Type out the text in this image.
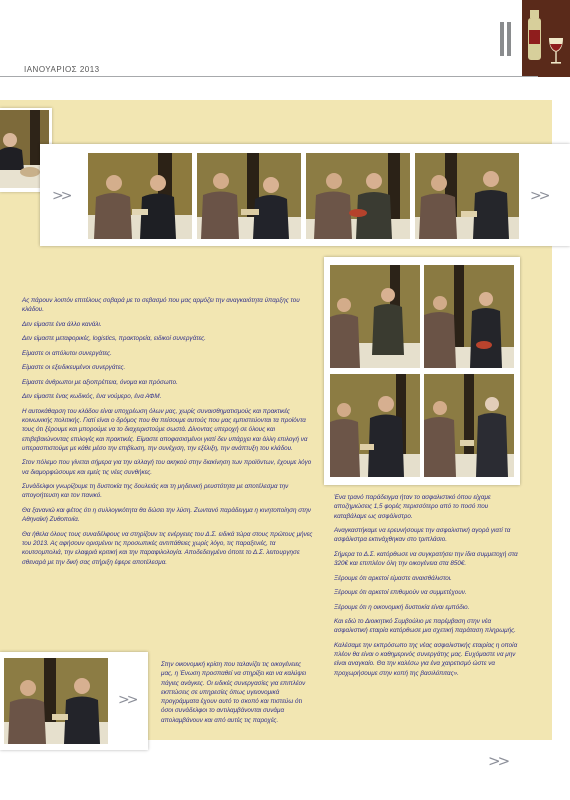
ΙΑΝΟΥΑΡΙΟΣ 2013
>>	>>
>>

Ας πάρουν λοιπόν επιτέλους σοβαρά με το σεβασμό που μας αρμόζει την αναγκαιότητα ύπαρξης του κλάδου.

Δεν είμαστε ένα άλλο κανάλι.

Δεν είμαστε μεταφορικές, logistics, πρακτορεία, ειδικοί συνεργάτες.

Είμαστε οι απόλυτοι συνεργάτες.

Είμαστε οι εξειδικευμένοι συνεργάτες.

Είμαστε άνθρωποι με αξιοπρέπεια, όνομα και πρόσωπο.

Δεν είμαστε ένας κωδικός, ένα νούμερο, ένα ΑΦΜ.

Η αυτοκάθαρση του κλάδου είναι υποχρέωση όλων μας, χωρίς συναισθηματισμούς και πρακτικές κοινωνικής πολιτικής. Γιατί είναι ο δρόμος που θα πείσουμε αυτούς που μας εμπιστεύονται τα προϊόντα τους ότι ξέρουμε και μπορούμε να το διαχειριστούμε σωστά. Δίνοντας υπεροχή σε όλους και επιβεβαιώνοντας επιλογές και πρακτικές. Είμαστε αποφασισμένοι γιατί δεν υπάρχει και άλλη επιλογή να υπερασπιστούμε με κάθε μέσο την επιβίωση, την συνέχιση, την εξέλιξη, την ανάπτυξη του κλάδου.

Στον πόλεμο που γίνεται σήμερα για την αλλαγή του ακηκού στην διακίνηση των προϊόντων, έχουμε λόγο να διαμορφώσουμε και εμείς τις νέες συνθήκες.

Συνάδελφοι γνωρίζουμε τη δυστοκία της δουλειάς και τη μηδενική ρευστότητα με αποτέλεσμα την απογοήτευση και τον πανικό.

Θα ξανανιώ και φέτος ότι η συλλογικότητα θα δώσει την λύση. Ζωντανό παράδειγμα η κινητοποίηση στην Αθηναϊκή Ζυθοποιία.

Θα ήθελα όλους τους συναδέλφους να στηρίζουν τις ενέργειες του Δ.Σ. ειδικά τώρα στους πρώτους μήνες του 2013. Ας αφήσουν ορισμένοι τις προσωπικές αντιπάθειες χωρίς λόγο, τις παραξενιές, τα κουτσομπολιά, την ελαφριά κριτική και την παραφιλολογία. Αποδεδειγμένο όποτε το Δ.Σ. λειτουργησε σθεναρά με την δική σας στήριξη έφερε αποτέλεσμα.

Στην οικονομική κρίση που ταλανίζει τις οικογένειες μας, η Ένωση προσπαθεί να στηρίξει και να καλύψει πάγιες ανάγκες. Οι ειδικές συνεργασίες για επιπλέον εκπτώσεις σε υπηρεσίες όπως υγειονομικά προγράμματα έχουν αυτό το σκοπό και πιστεύω ότι όσοι συνάδελφοι το αντιλαμβάνονται συνάμα απολαμβάνουν και από αυτές τις παροχές.

Ένα τρανό παράδειγμα ήταν το ασφαλιστικό όπου είχαμε αποζημιώσεις 1,5 φορές περισσότερο από το ποσό που καταβάλαμε ως ασφάλιστρο.

Αναγκαστήκαμε να ερευνήσουμε την ασφαλιστική αγορά γιατί τα ασφάλιστρα εκτινάχθηκαν στο τριπλάσιο.

Σήμερα το Δ.Σ. κατόρθωσε να συγκρατήσει την ίδια συμμετοχή στα 320€ και επιπλέον όλη την οικογένεια στα 850€.

Ξέρουμε ότι αρκετοί είμαστε αναισθάλιστοι.

Ξέρουμε ότι αρκετοί επιθυμούν να συμμετέχουν.

Ξέρουμε ότι η οικονομική δυστοκία είναι εμπόδιο.

Και εδώ το Διοικητικό Συμβούλιο με παρέμβαση στην νέα ασφαλιστική εταιρία κατόρθωσε μια σχετική παράταση πληρωμής.

Καλέσαμε την εκπρόσωπο της νέας ασφαλιστικής εταιρίας η οποία πλέον θα είναι ο καθημερινός συνεργάτης μας. Ευχόμαστε να μην είναι αναγκαίο. Θα την καλέσω για ένα χαιρετισμό ώστε να προχωρήσουμε στην κοπή της βασιλόπιτας».

>>
